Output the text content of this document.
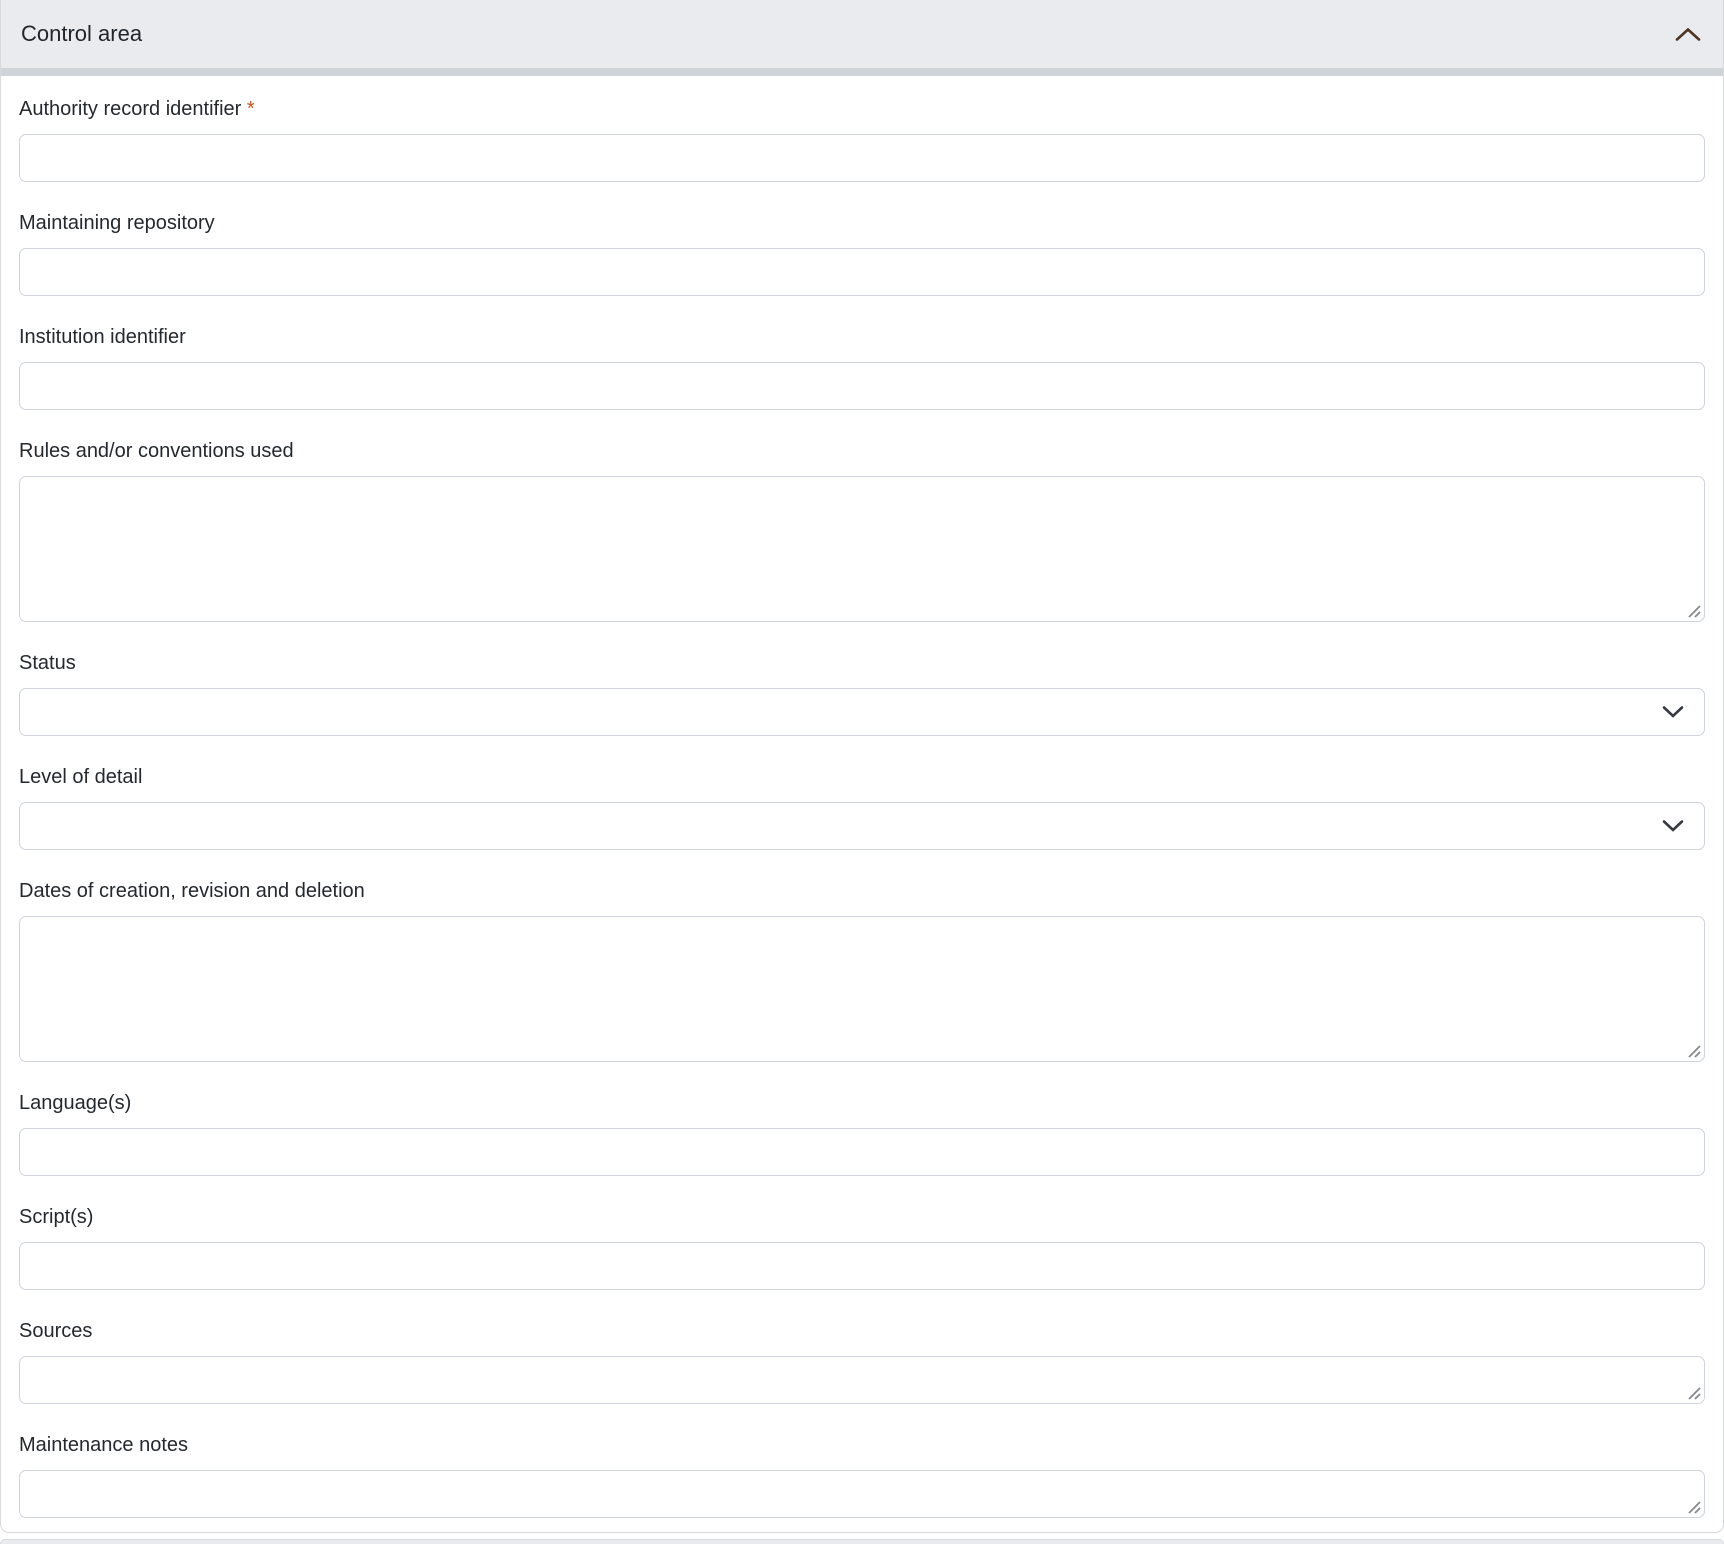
Control area
Authority record identifier *
Maintaining repository
Institution identifier
Rules and/or conventions used
Status
Level of detail
Dates of creation, revision and deletion
Language(s)
Script(s)
Sources
Maintenance notes
